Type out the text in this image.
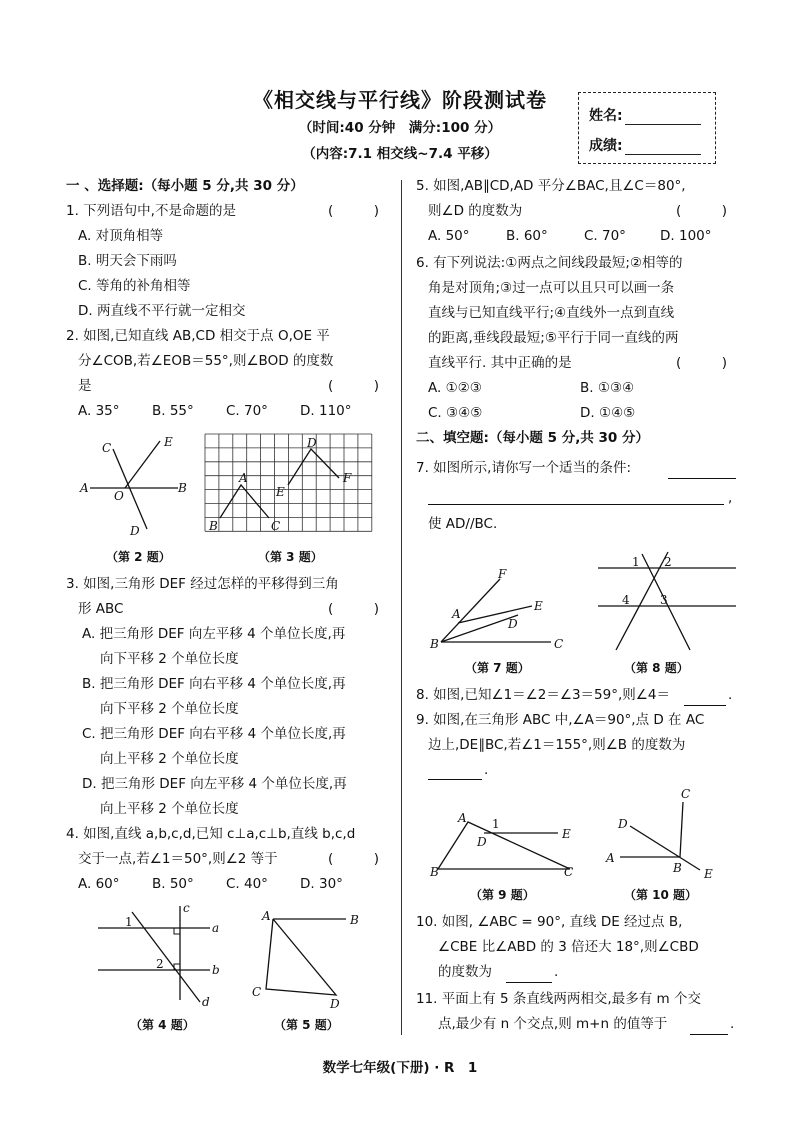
《相交线与平行线》阶段测试卷
（时间:40 分钟　满分:100 分）
（内容:7.1 相交线~7.4 平移）
姓名:
成绩:
一 、选择题:（每小题 5 分,共 30 分）
1. 下列语句中,不是命题的是	(　　　)
A. 对顶角相等
B. 明天会下雨吗
C. 等角的补角相等
D. 两直线不平行就一定相交
2. 如图,已知直线 AB,CD 相交于点 O,OE 平
分∠COB,若∠EOB＝55°,则∠BOD 的度数
是	(　　　)
A. 35° B. 55° C. 70° D. 110°
C	E
A
O
B
D
（第 2 题）
A
B	C
D
E
F
（第 3 题）
3. 如图,三角形 DEF 经过怎样的平移得到三角
形 ABC	(　　　)
A. 把三角形 DEF 向左平移 4 个单位长度,再
向下平移 2 个单位长度
B. 把三角形 DEF 向右平移 4 个单位长度,再
向下平移 2 个单位长度
C. 把三角形 DEF 向右平移 4 个单位长度,再
向上平移 2 个单位长度
D. 把三角形 DEF 向左平移 4 个单位长度,再
向上平移 2 个单位长度
4. 如图,直线 a,b,c,d,已知 c⊥a,c⊥b,直线 b,c,d
交于一点,若∠1＝50°,则∠2 等于	(　　　)
A. 60° B. 50° C. 40° D. 30°
c
1	a
2	b
d
（第 4 题）
A	B
C
D
（第 5 题）
5. 如图,AB∥CD,AD 平分∠BAC,且∠C＝80°,
则∠D 的度数为	(　　　)
A. 50°	B. 60°	C. 70°	D. 100°
6. 有下列说法:①两点之间线段最短;②相等的
角是对顶角;③过一点可以且只可以画一条
直线与已知直线平行;④直线外一点到直线
的距离,垂线段最短;⑤平行于同一直线的两
直线平行. 其中正确的是	(　　　)
A. ①②③	B. ①③④
C. ③④⑤	D. ①④⑤
二、填空题:（每小题 5 分,共 30 分）
7. 如图所示,请你写一个适当的条件:
,
使 AD//BC.
F
A
E
D
B	C
（第 7 题）
1 2
4	3
（第 8 题）
8. 如图,已知∠1＝∠2＝∠3＝59°,则∠4＝	.
9. 如图,在三角形 ABC 中,∠A＝90°,点 D 在 AC
边上,DE∥BC,若∠1＝155°,则∠B 的度数为
.
A 1
E
D
B	C
（第 9 题）
C
D
A
B E
（第 10 题）
10. 如图, ∠ABC = 90°, 直线 DE 经过点 B,
∠CBE 比∠ABD 的 3 倍还大 18°,则∠CBD
的度数为	.
11. 平面上有 5 条直线两两相交,最多有 m 个交
点,最少有 n 个交点,则 m+n 的值等于	.
数学七年级(下册) · R　1
